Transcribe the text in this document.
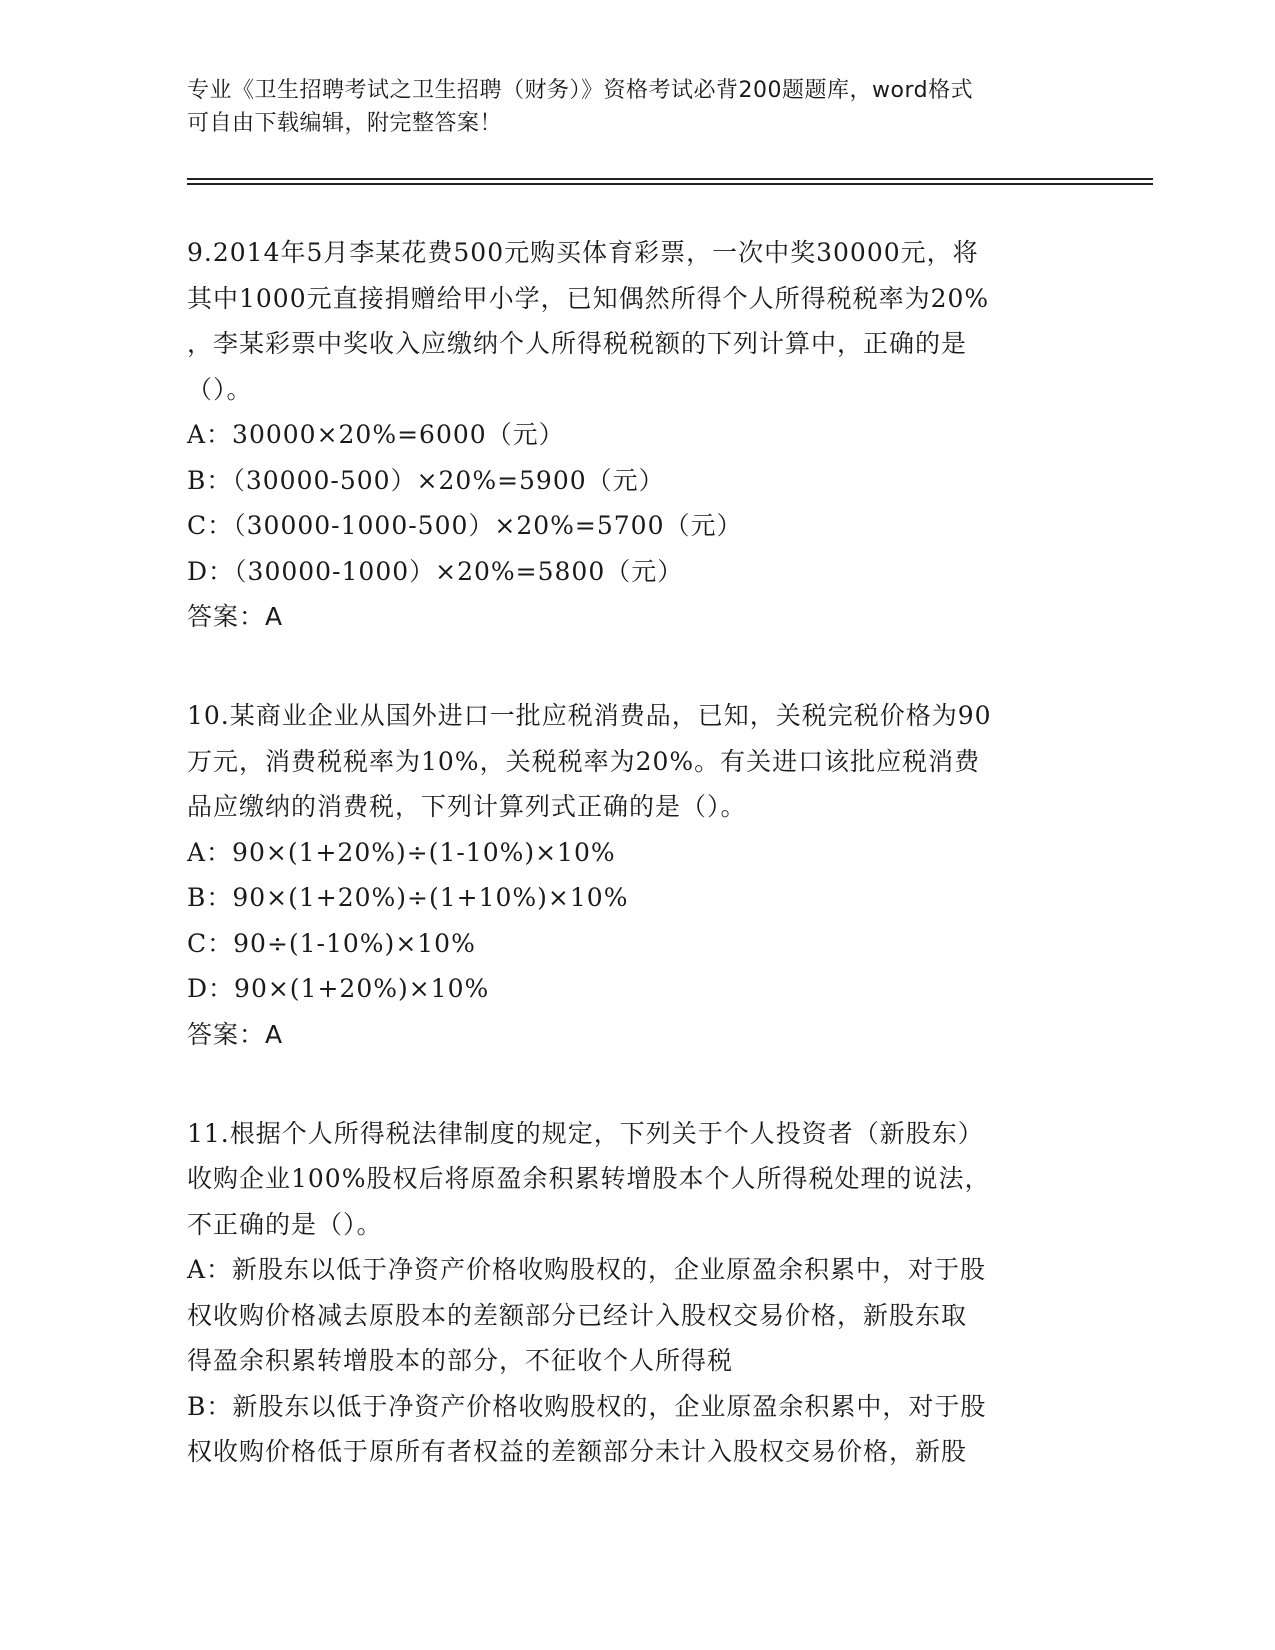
专业《卫生招聘考试之卫生招聘（财务）》资格考试必背200题题库，word格式
可自由下载编辑，附完整答案！
9.2014年5月李某花费500元购买体育彩票，一次中奖30000元，将
其中1000元直接捐赠给甲小学，已知偶然所得个人所得税税率为20%
，李某彩票中奖收入应缴纳个人所得税税额的下列计算中，正确的是
（）。
A：30000×20%=6000（元）
B：（30000-500）×20%=5900（元）
C：（30000-1000-500）×20%=5700（元）
D：（30000-1000）×20%=5800（元）
答案：A
10.某商业企业从国外进口一批应税消费品，已知，关税完税价格为90
万元，消费税税率为10%，关税税率为20%。有关进口该批应税消费
品应缴纳的消费税，下列计算列式正确的是（）。
A：90×(1+20%)÷(1-10%)×10%
B：90×(1+20%)÷(1+10%)×10%
C：90÷(1-10%)×10%
D：90×(1+20%)×10%
答案：A
11.根据个人所得税法律制度的规定，下列关于个人投资者（新股东）
收购企业100%股权后将原盈余积累转增股本个人所得税处理的说法，
不正确的是（）。
A：新股东以低于净资产价格收购股权的，企业原盈余积累中，对于股
权收购价格减去原股本的差额部分已经计入股权交易价格，新股东取
得盈余积累转增股本的部分，不征收个人所得税
B：新股东以低于净资产价格收购股权的，企业原盈余积累中，对于股
权收购价格低于原所有者权益的差额部分未计入股权交易价格，新股
